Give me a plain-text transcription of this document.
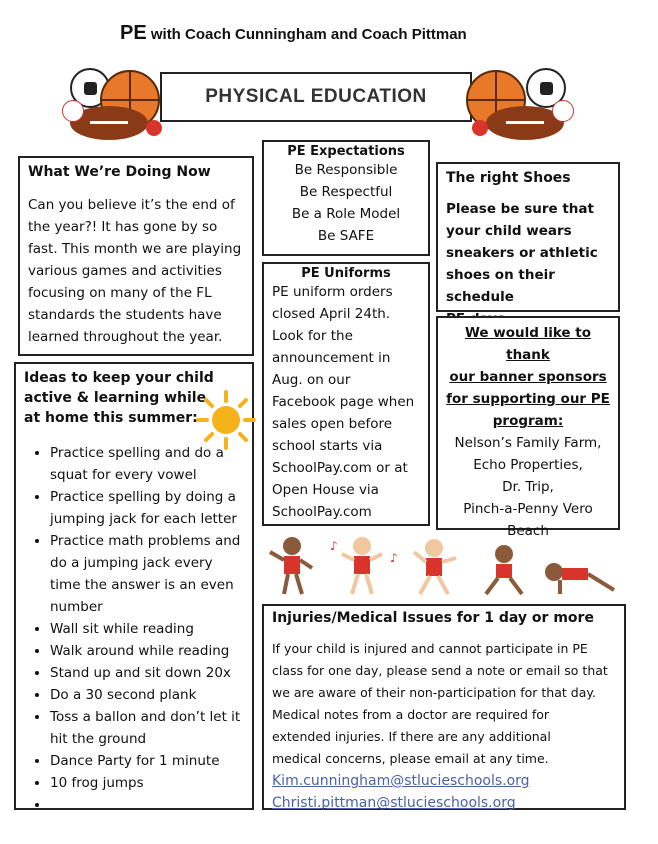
PE with Coach Cunningham and Coach Pittman
PHYSICAL EDUCATION

What We’re Doing Now

Can you believe it’s the end of

the year?! It has gone by so

fast. This month we are playing

various games and activities

focusing on many of the FL

standards the students have

learned throughout the year.

PE Expectations

Be Responsible

Be Respectful

Be a Role Model

Be SAFE

The right Shoes

Please be sure that

your child wears

sneakers or athletic

shoes on their schedule

PE Uniforms

PE uniform orders

closed April 24th.

Look for the

announcement in

Aug. on our

Facebook page when

sales open before

school starts via

SchoolPay.com or at

Open House via

SchoolPay.com

We would like to thank

our banner sponsors

for supporting our PE

program:

Nelson’s Family Farm,

Echo Properties,

Dr. Trip,

Pinch-a-Penny Vero

Beach

Ideas to keep your child

active & learning while

at home this summer:

• Practice spelling and do a squat for every vowel
• Practice spelling by doing a jumping jack for each letter
• Practice math problems and do a jumping jack every time the answer is an even number
• Wall sit while reading
• Walk around while reading
• Stand up and sit down 20x
• Do a 30 second plank
• Toss a ballon and don’t let it hit the ground
• Dance Party for 1 minute
• 10 frog jumps
•
♪
♪

Injuries/Medical Issues for 1 day or more

If your child is injured and cannot participate in PE

class for one day, please send a note or email so that

we are aware of their non-participation for that day.

Medical notes from a doctor are required for

extended injuries. If there are any additional

medical concerns, please email at any time.

Kim.cunningham@stlucieschools.org
Christi.pittman@stlucieschools.org
